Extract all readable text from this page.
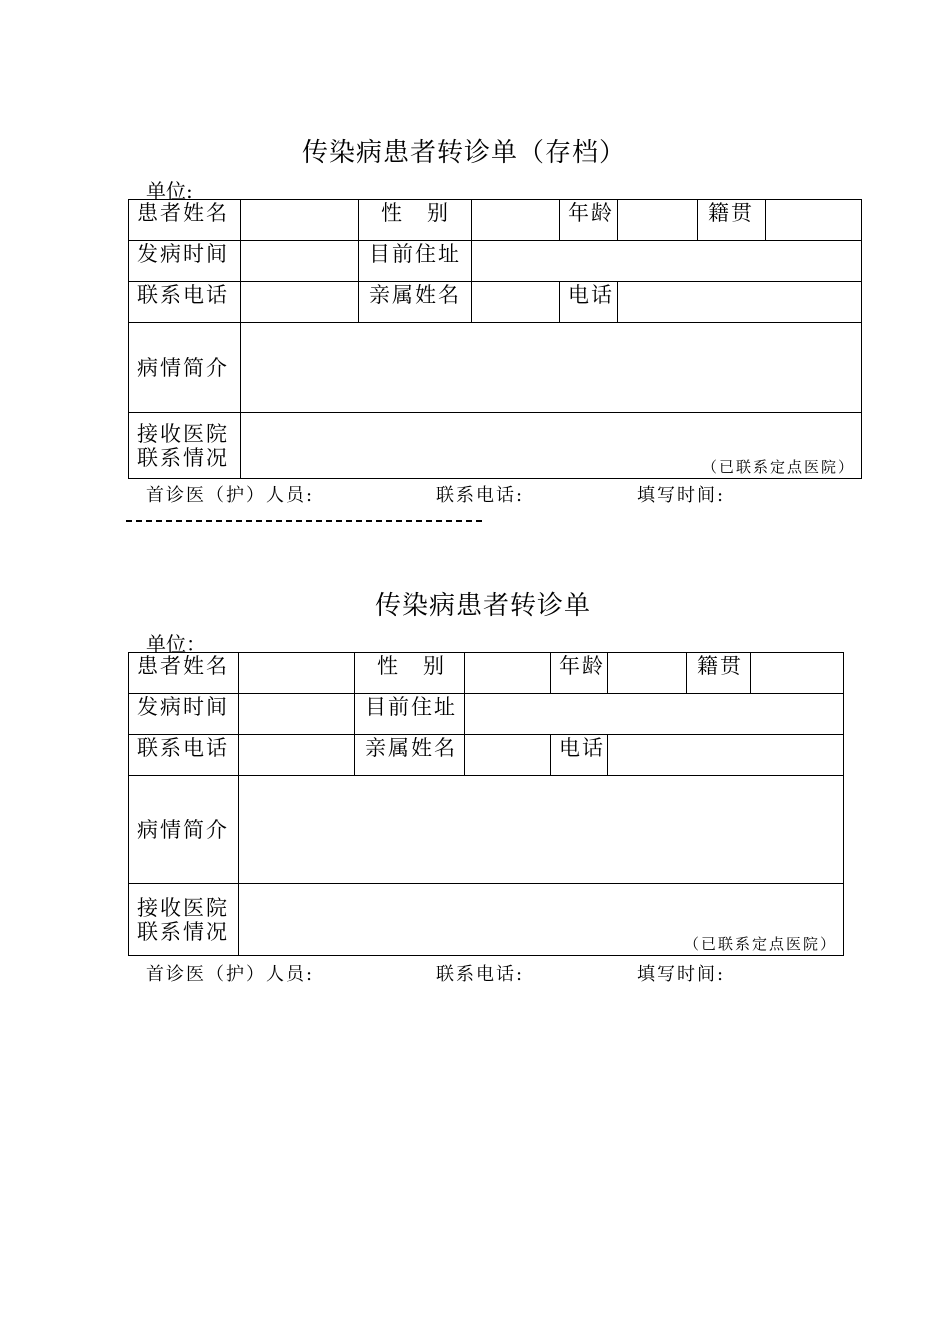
传染病患者转诊单（存档）
单位:
患者姓名		性　别		年龄		籍贯	
发病时间		目前住址					
联系电话		亲属姓名		电话			
病情简介							

接收医院
联系情况	（已联系定点医院）						
首诊医（护）人员:	联系电话:	填写时间:
传染病患者转诊单
单位：
患者姓名		性　别		年龄		籍贯	
发病时间		目前住址					
联系电话		亲属姓名		电话			
病情简介							

接收医院
联系情况	（已联系定点医院）						
首诊医（护）人员:	联系电话:	填写时间:
